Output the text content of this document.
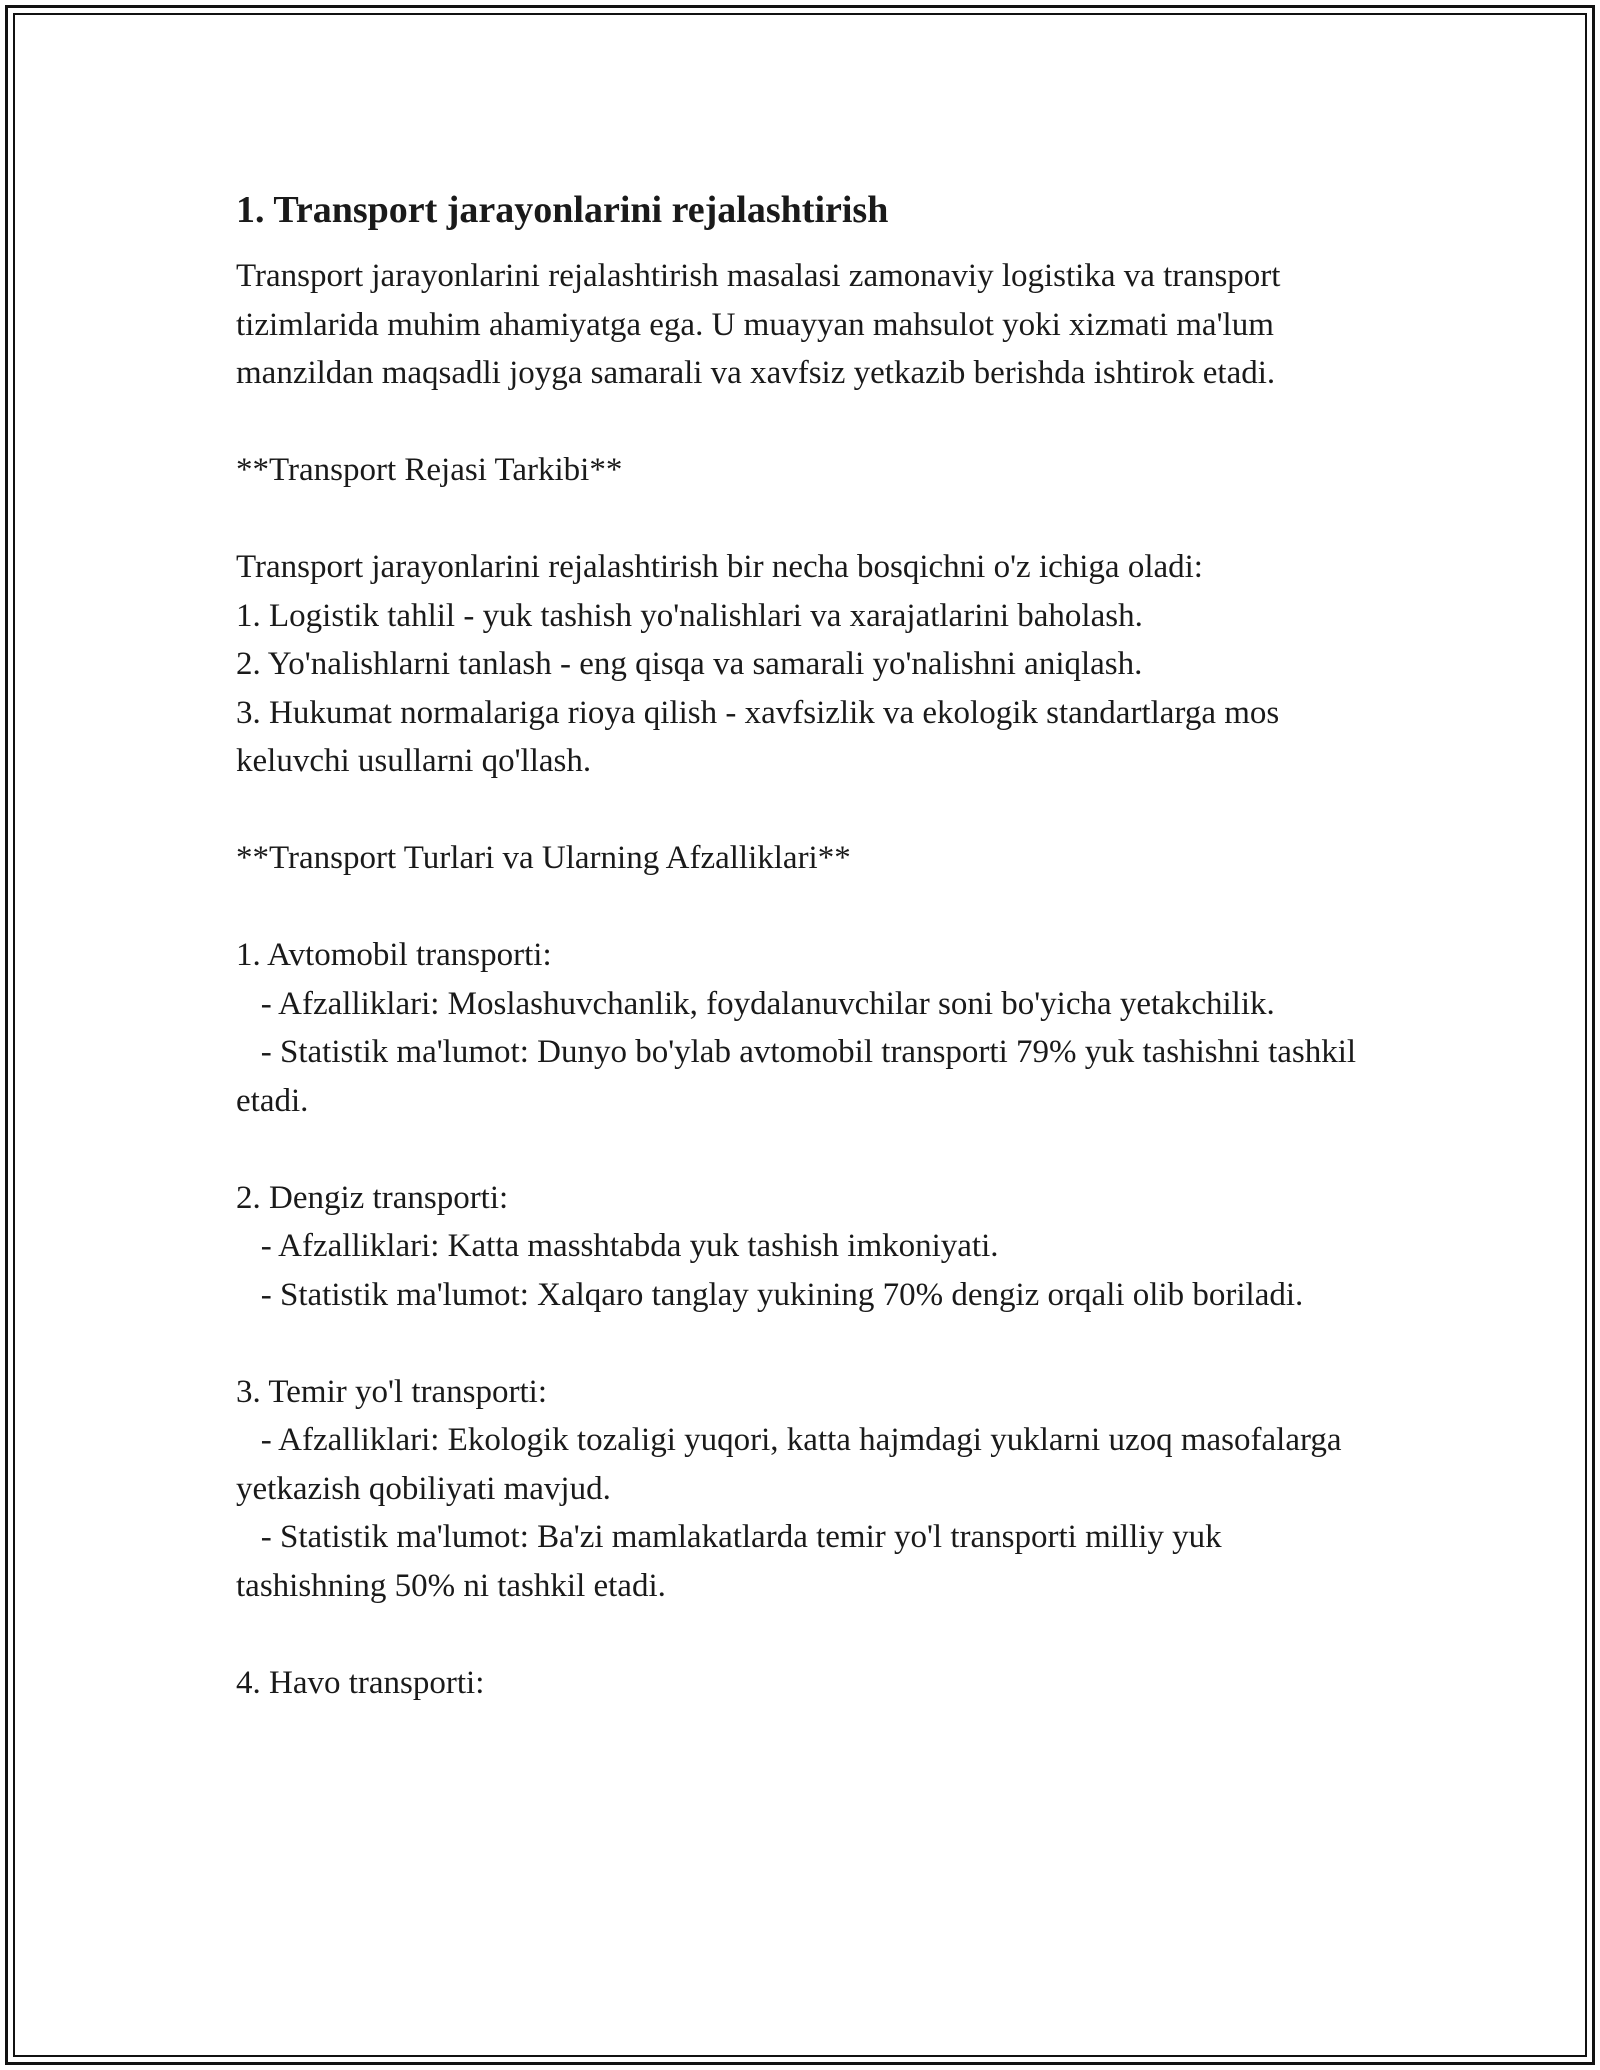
1. Transport jarayonlarini rejalashtirish

Transport jarayonlarini rejalashtirish masalasi zamonaviy logistika va transport tizimlarida muhim ahamiyatga ega. U muayyan mahsulot yoki xizmati ma'lum manzildan maqsadli joyga samarali va xavfsiz yetkazib berishda ishtirok etadi.

**Transport Rejasi Tarkibi**

Transport jarayonlarini rejalashtirish bir necha bosqichni o'z ichiga oladi:

1. Logistik tahlil - yuk tashish yo'nalishlari va xarajatlarini baholash.

2. Yo'nalishlarni tanlash - eng qisqa va samarali yo'nalishni aniqlash.

3. Hukumat normalariga rioya qilish - xavfsizlik va ekologik standartlarga mos keluvchi usullarni qo'llash.

**Transport Turlari va Ularning Afzalliklari**

1. Avtomobil transporti:

- Afzalliklari: Moslashuvchanlik, foydalanuvchilar soni bo'yicha yetakchilik.

- Statistik ma'lumot: Dunyo bo'ylab avtomobil transporti 79% yuk tashishni tashkil etadi.

2. Dengiz transporti:

- Afzalliklari: Katta masshtabda yuk tashish imkoniyati.

- Statistik ma'lumot: Xalqaro tanglay yukining 70% dengiz orqali olib boriladi.

3. Temir yo'l transporti:

- Afzalliklari: Ekologik tozaligi yuqori, katta hajmdagi yuklarni uzoq masofalarga yetkazish qobiliyati mavjud.

- Statistik ma'lumot: Ba'zi mamlakatlarda temir yo'l transporti milliy yuk tashishning 50% ni tashkil etadi.

4. Havo transporti:
